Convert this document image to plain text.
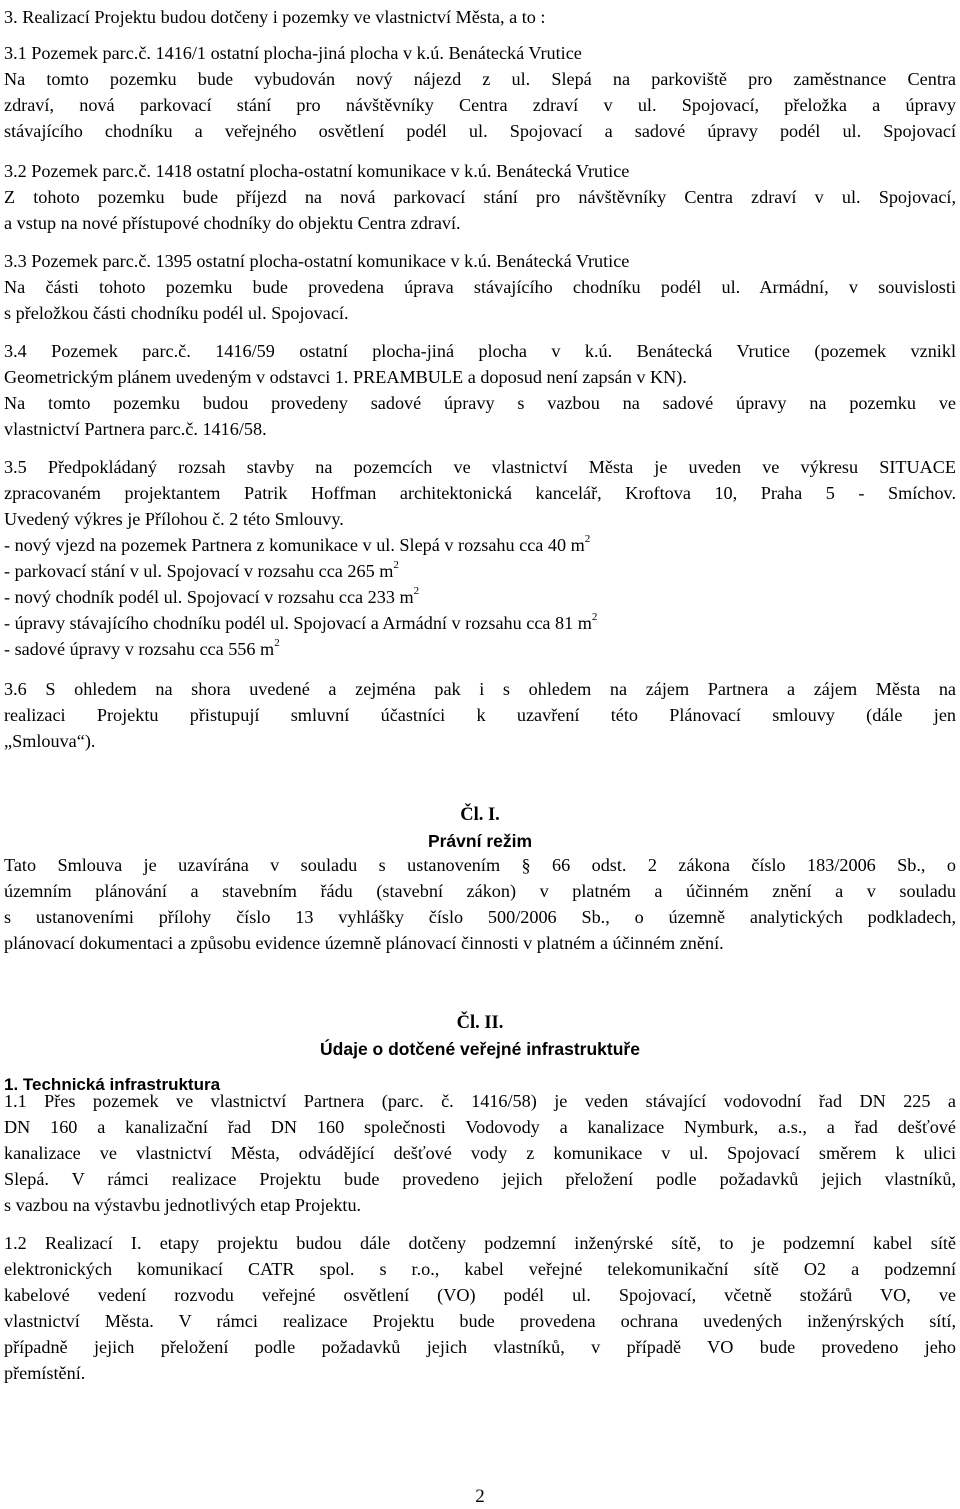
3. Realizací Projektu budou dotčeny i pozemky ve vlastnictví Města, a to :
3.1 Pozemek parc.č. 1416/1 ostatní plocha-jiná plocha v k.ú. Benátecká Vrutice
Na tomto pozemku bude vybudován nový nájezd z ul. Slepá na parkoviště pro zaměstnance Centra
zdraví, nová parkovací stání pro návštěvníky Centra zdraví v ul. Spojovací, přeložka a úpravy
stávajícího chodníku a veřejného osvětlení podél ul. Spojovací a sadové úpravy podél ul. Spojovací
3.2 Pozemek parc.č. 1418 ostatní plocha-ostatní komunikace v k.ú. Benátecká Vrutice
Z tohoto pozemku bude příjezd na nová parkovací stání pro návštěvníky Centra zdraví v ul. Spojovací,
a vstup na nové přístupové chodníky do objektu Centra zdraví.
3.3 Pozemek parc.č. 1395 ostatní plocha-ostatní komunikace v k.ú. Benátecká Vrutice
Na části tohoto pozemku bude provedena úprava stávajícího chodníku podél ul. Armádní, v souvislosti
s přeložkou části chodníku podél ul. Spojovací.
3.4 Pozemek parc.č. 1416/59 ostatní plocha-jiná plocha v k.ú. Benátecká Vrutice (pozemek vznikl
Geometrickým plánem uvedeným v odstavci 1. PREAMBULE a doposud není zapsán v KN).
Na tomto pozemku budou provedeny sadové úpravy s vazbou na sadové úpravy na pozemku ve
vlastnictví Partnera parc.č. 1416/58.
3.5 Předpokládaný rozsah stavby na pozemcích ve vlastnictví Města je uveden ve výkresu SITUACE
zpracovaném projektantem Patrik Hoffman architektonická kancelář, Kroftova 10, Praha 5 - Smíchov.
Uvedený výkres je Přílohou č. 2 této Smlouvy.
- nový vjezd na pozemek Partnera z komunikace v ul. Slepá v rozsahu cca 40 $m^2$
- parkovací stání v ul. Spojovací v rozsahu cca 265 $m^2$
- nový chodník podél ul. Spojovací v rozsahu cca 233 $m^2$
- úpravy stávajícího chodníku podél ul. Spojovací a Armádní v rozsahu cca 81 $m^2$
- sadové úpravy v rozsahu cca 556 $m^2$
3.6 S ohledem na shora uvedené a zejména pak i s ohledem na zájem Partnera a zájem Města na
realizaci Projektu přistupují smluvní účastníci k uzavření této Plánovací smlouvy (dále jen
„Smlouva“).
Tato Smlouva je uzavírána v souladu s ustanovením § 66 odst. 2 zákona číslo 183/2006 Sb., o
územním plánování a stavebním řádu (stavební zákon) v platném a účinném znění a v souladu
s ustanoveními přílohy číslo 13 vyhlášky číslo 500/2006 Sb., o územně analytických podkladech,
plánovací dokumentaci a způsobu evidence územně plánovací činnosti v platném a účinném znění.
1.1 Přes pozemek ve vlastnictví Partnera (parc. č. 1416/58) je veden stávající vodovodní řad DN 225 a
DN 160 a kanalizační řad DN 160 společnosti Vodovody a kanalizace Nymburk, a.s., a řad dešťové
kanalizace ve vlastnictví Města, odvádějící dešťové vody z komunikace v ul. Spojovací směrem k ulici
Slepá. V rámci realizace Projektu bude provedeno jejich přeložení podle požadavků jejich vlastníků,
s vazbou na výstavbu jednotlivých etap Projektu.
1.2 Realizací I. etapy projektu budou dále dotčeny podzemní inženýrské sítě, to je podzemní kabel sítě
elektronických komunikací CATR spol. s r.o., kabel veřejné telekomunikační sítě O2 a podzemní
kabelové vedení rozvodu veřejné osvětlení (VO) podél ul. Spojovací, včetně stožárů VO, ve
vlastnictví Města. V rámci realizace Projektu bude provedena ochrana uvedených inženýrských sítí,
případně jejich přeložení podle požadavků jejich vlastníků, v případě VO bude provedeno jeho
přemístění.
Čl. I.
Právní režim
Čl. II.
Údaje o dotčené veřejné infrastruktuře
1. Technická infrastruktura
2
